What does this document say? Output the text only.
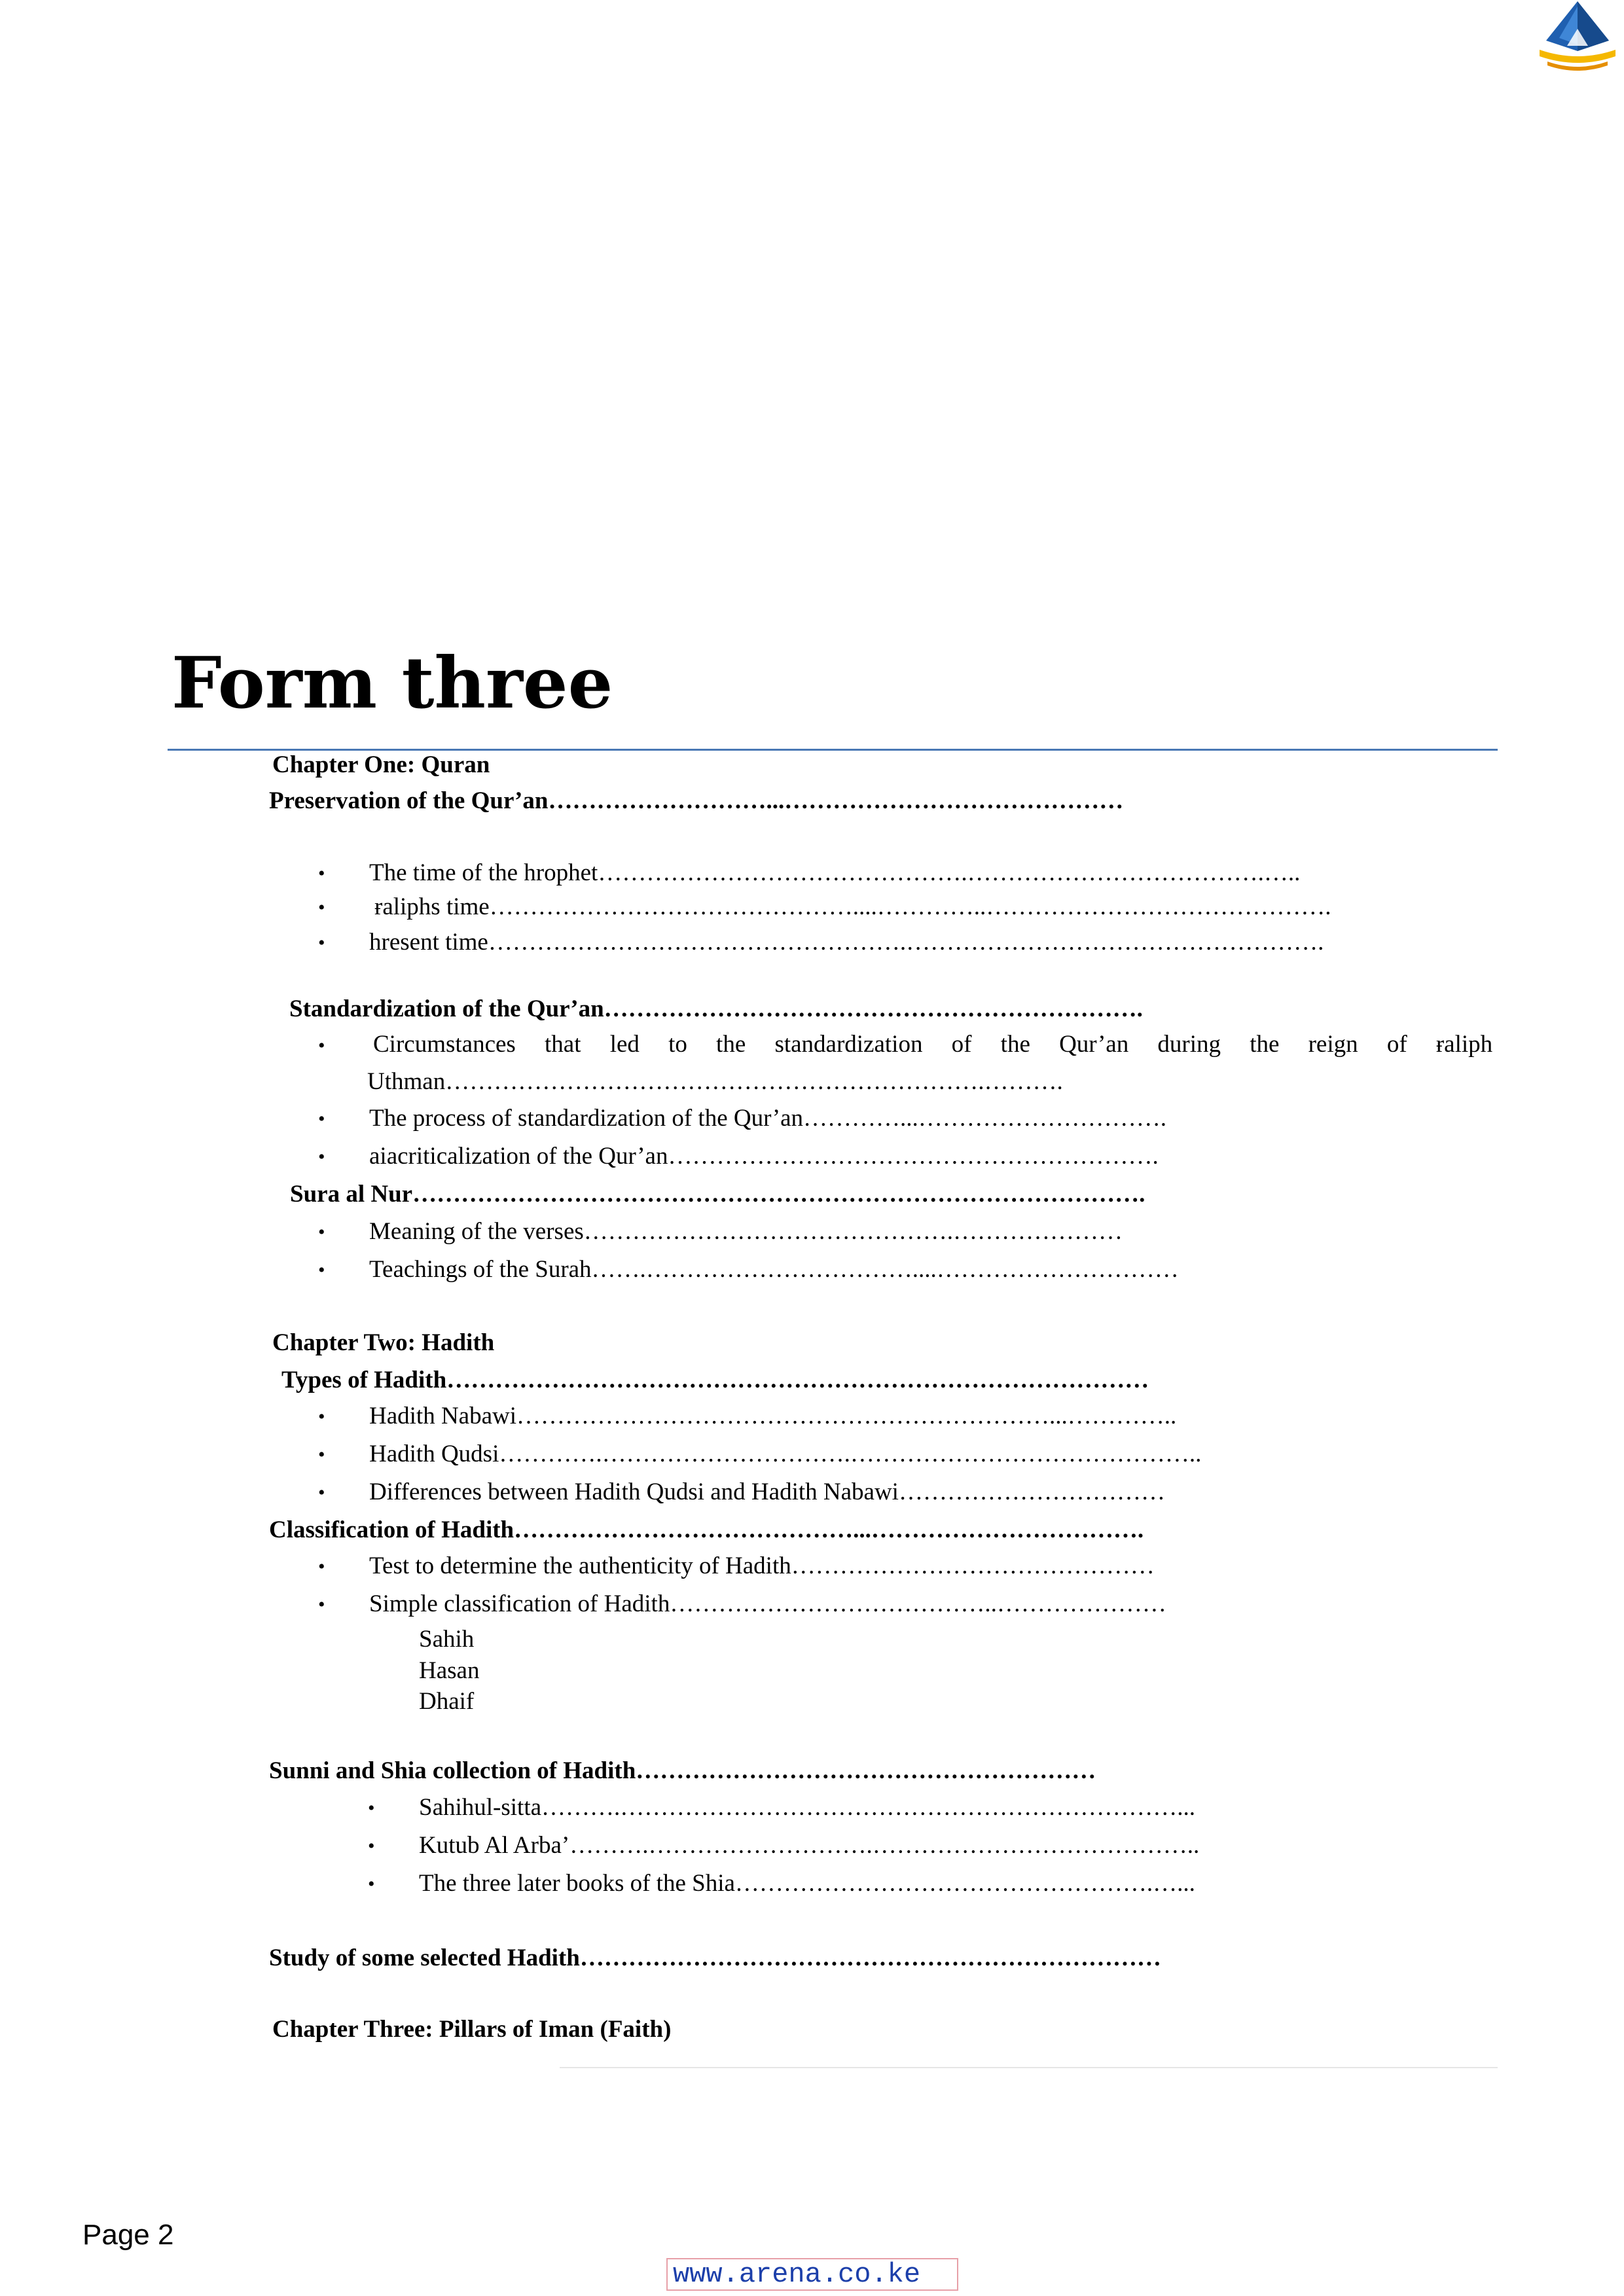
Form three
Chapter One: Quran
Preservation of the Qur’an………………………...……………………………………
• The time of the hrophet……………………………………….……………………………….…..
• ɍaliphs time………………………………………....…………..…………………………………….
• hresent time…………………………………………….…………………………………………….
Standardization of the Qur’an………………………………………………………….
• Circumstances that led to the standardization of the Qur’an during the reign of ɍaliph
Uthman………………………………………………………….……….
• The process of standardization of the Qur’an…………...………………………….
• aiacriticalization of the Qur’an…………………………………………………….
Sura al Nur……………………………………………………………………………….
• Meaning of the verses……………………………………….…………………
• Teachings of the Surah…….……………………………....…………………………
Chapter Two: Hadith
Types of Hadith……………………………………………………………………………
• Hadith Nabawi…………………………………………………………...…………..
• Hadith Qudsi………….………………………….……………………………………..
• Differences between Hadith Qudsi and Hadith Nabawi……………………………
Classification of Hadith……………………………………...…………………………….
• Test to determine the authenticity of Hadith………………………………………
• Simple classification of Hadith…………………………………..…………………
Sahih
Hasan
Dhaif
Sunni and Shia collection of Hadith…………………………………………………
• Sahihul-sitta……….……………………………………………………………...
• Kutub Al Arba’……….……………………….…………………………………..
• The three later books of the Shia…………………………………………….…...
Study of some selected Hadith………………………………………………………………
Chapter Three: Pillars of Iman (Faith)
Page 2
www.arena.co.ke
